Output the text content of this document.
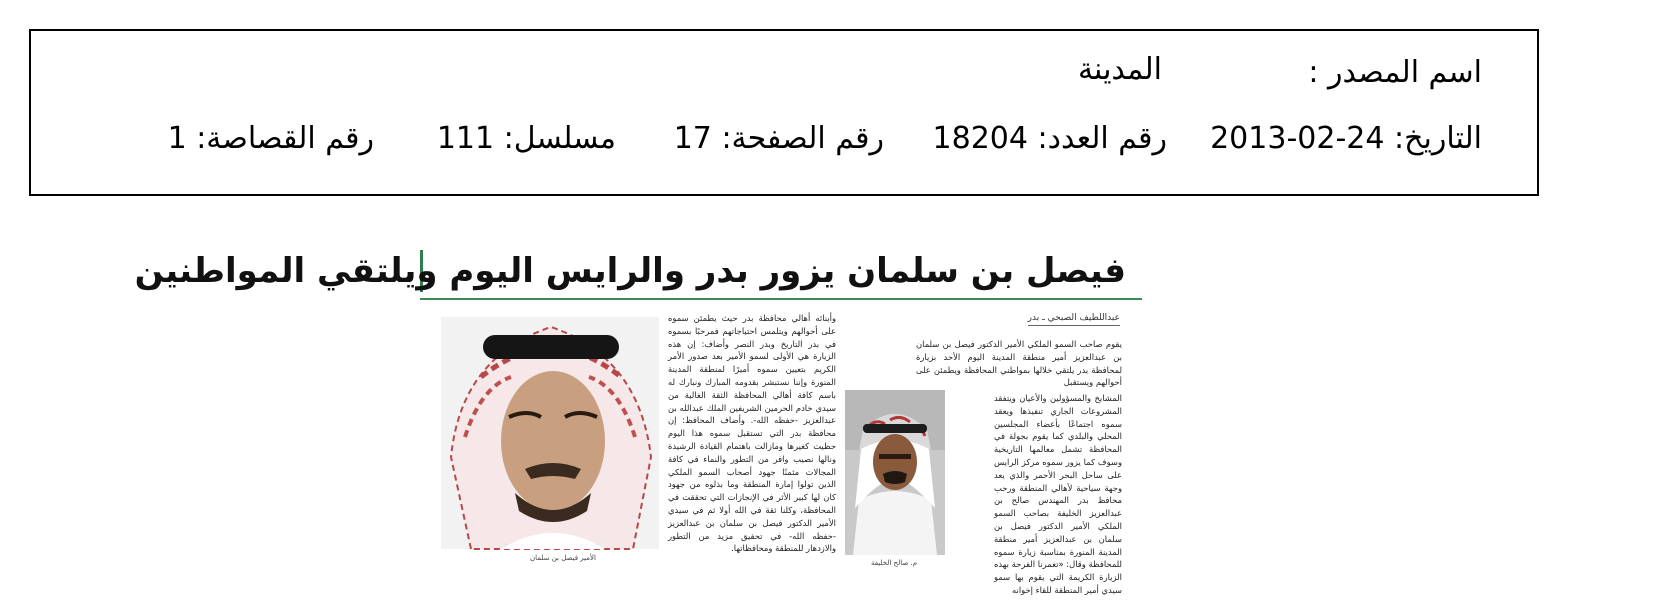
اسم المصدر :
المدينة
التاريخ: 24-02-2013
رقم العدد: 18204
رقم الصفحة: 17
مسلسل: 111
رقم القصاصة: 1
فيصل بن سلمان يزور بدر والرايس اليوم ويلتقي المواطنين
عبداللطيف الصبحي ـ بدر

يقوم صاحب السمو الملكي الأمير الدكتور فيصل بن سلمان بن عبدالعزيز أمير منطقة المدينة اليوم الأحد بزيارة لمحافظة بدر يلتقي خلالها بمواطني المحافظة ويطمئن على أحوالهم ويستقبل

المشايخ والمسؤولين والأعيان ويتفقد المشروعات الجاري تنفيذها ويعقد سموه اجتماعًا بأعضاء المجلسين المحلي والبلدي كما يقوم بجولة في المحافظة تشمل معالمها التاريخية وسوف كما يزور سموه مركز الرايس على ساحل البحر الأحمر والذي يعد وجهة سياحية لأهالي المنطقة ورحب محافظ بدر المهندس صالح بن عبدالعزيز الخليفة بصاحب السمو الملكي الأمير الدكتور فيصل بن سلمان بن عبدالعزيز أمير منطقة المدينة المنورة بمناسبة زيارة سموه للمحافظة وقال: «تغمرنا الفرحة بهذه الزيارة الكريمة التي يقوم بها سمو سيدي أمير المنطقة للقاء إخوانه

م. صالح الخليفة

وأبنائه أهالي محافظة بدر حيث يطمئن سموه على أحوالهم ويتلمس احتياجاتهم فمرحبًا بسموه في بدر التاريخ وبدر النصر وأضاف: إن هذه الزيارة هي الأولى لسمو الأمير بعد صدور الأمر الكريم بتعيين سموه أميرًا لمنطقة المدينة المنورة وإننا نستبشر بقدومه المبارك ونبارك له باسم كافة أهالي المحافظة الثقة الغالية من سيدي خادم الحرمين الشريفين الملك عبدالله بن عبدالعزيز -حفظه الله-. وأضاف المحافظ: إن محافظة بدر التي تستقبل سموه هذا اليوم حظيت كغيرها ومازالت باهتمام القيادة الرشيدة ونالها نصيب وافر من التطور والنماء في كافة المجالات مثمنًا جهود أصحاب السمو الملكي الذين تولوا إمارة المنطقة وما بذلوه من جهود كان لها كبير الأثر في الإنجازات التي تحققت في المحافظة، وكلنا ثقة في الله أولا ثم في سيدي الأمير الدكتور فيصل بن سلمان بن عبدالعزيز -حفظه الله- في تحقيق مزيد من التطور والازدهار للمنطقة ومحافظاتها.

الأمير فيصل بن سلمان
